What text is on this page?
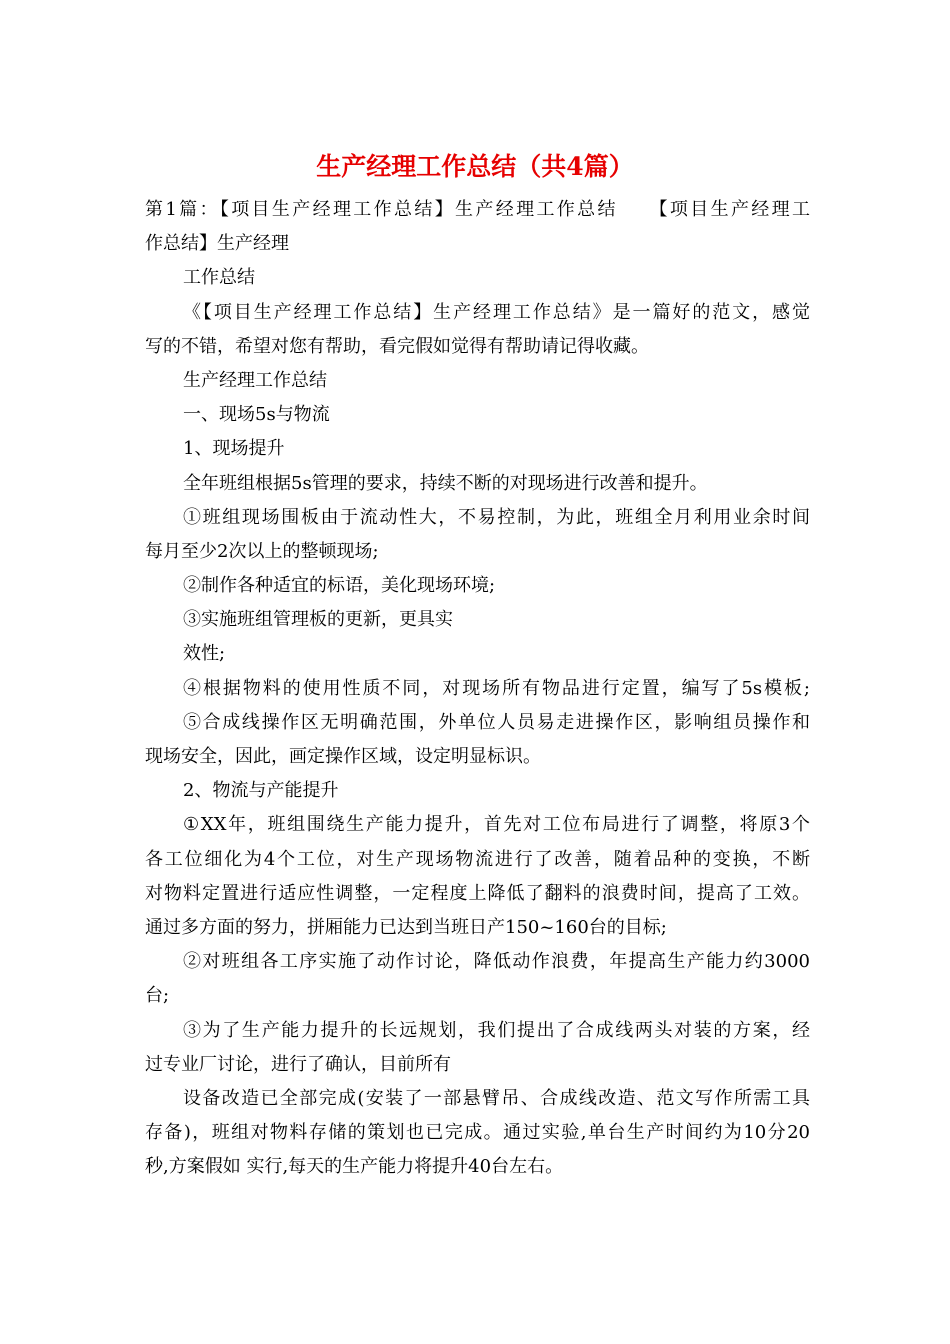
生产经理工作总结（共4篇）
第1篇：【项目生产经理工作总结】生产经理工作总结　　【项目生产经理工
作总结】生产经理
工作总结
《【项目生产经理工作总结】生产经理工作总结》是一篇好的范文，感觉
写的不错，希望对您有帮助，看完假如觉得有帮助请记得收藏。
生产经理工作总结
一、现场5s与物流
1、现场提升
全年班组根据5s管理的要求，持续不断的对现场进行改善和提升。
①班组现场围板由于流动性大，不易控制，为此，班组全月利用业余时间
每月至少2次以上的整顿现场;
②制作各种适宜的标语，美化现场环境;
③实施班组管理板的更新，更具实
效性;
④根据物料的使用性质不同，对现场所有物品进行定置，编写了5s模板;
⑤合成线操作区无明确范围，外单位人员易走进操作区，影响组员操作和
现场安全，因此，画定操作区域，设定明显标识。
2、物流与产能提升
①XX年，班组围绕生产能力提升，首先对工位布局进行了调整，将原3个
各工位细化为4个工位，对生产现场物流进行了改善，随着品种的变换，不断
对物料定置进行适应性调整，一定程度上降低了翻料的浪费时间，提高了工效。
通过多方面的努力，拼厢能力已达到当班日产150~160台的目标;
②对班组各工序实施了动作讨论，降低动作浪费，年提高生产能力约3000
台;
③为了生产能力提升的长远规划，我们提出了合成线两头对装的方案，经
过专业厂讨论，进行了确认，目前所有
设备改造已全部完成(安装了一部悬臂吊、合成线改造、范文写作所需工具
存备)，班组对物料存储的策划也已完成。通过实验,单台生产时间约为10分20
秒,方案假如 实行,每天的生产能力将提升40台左右。
